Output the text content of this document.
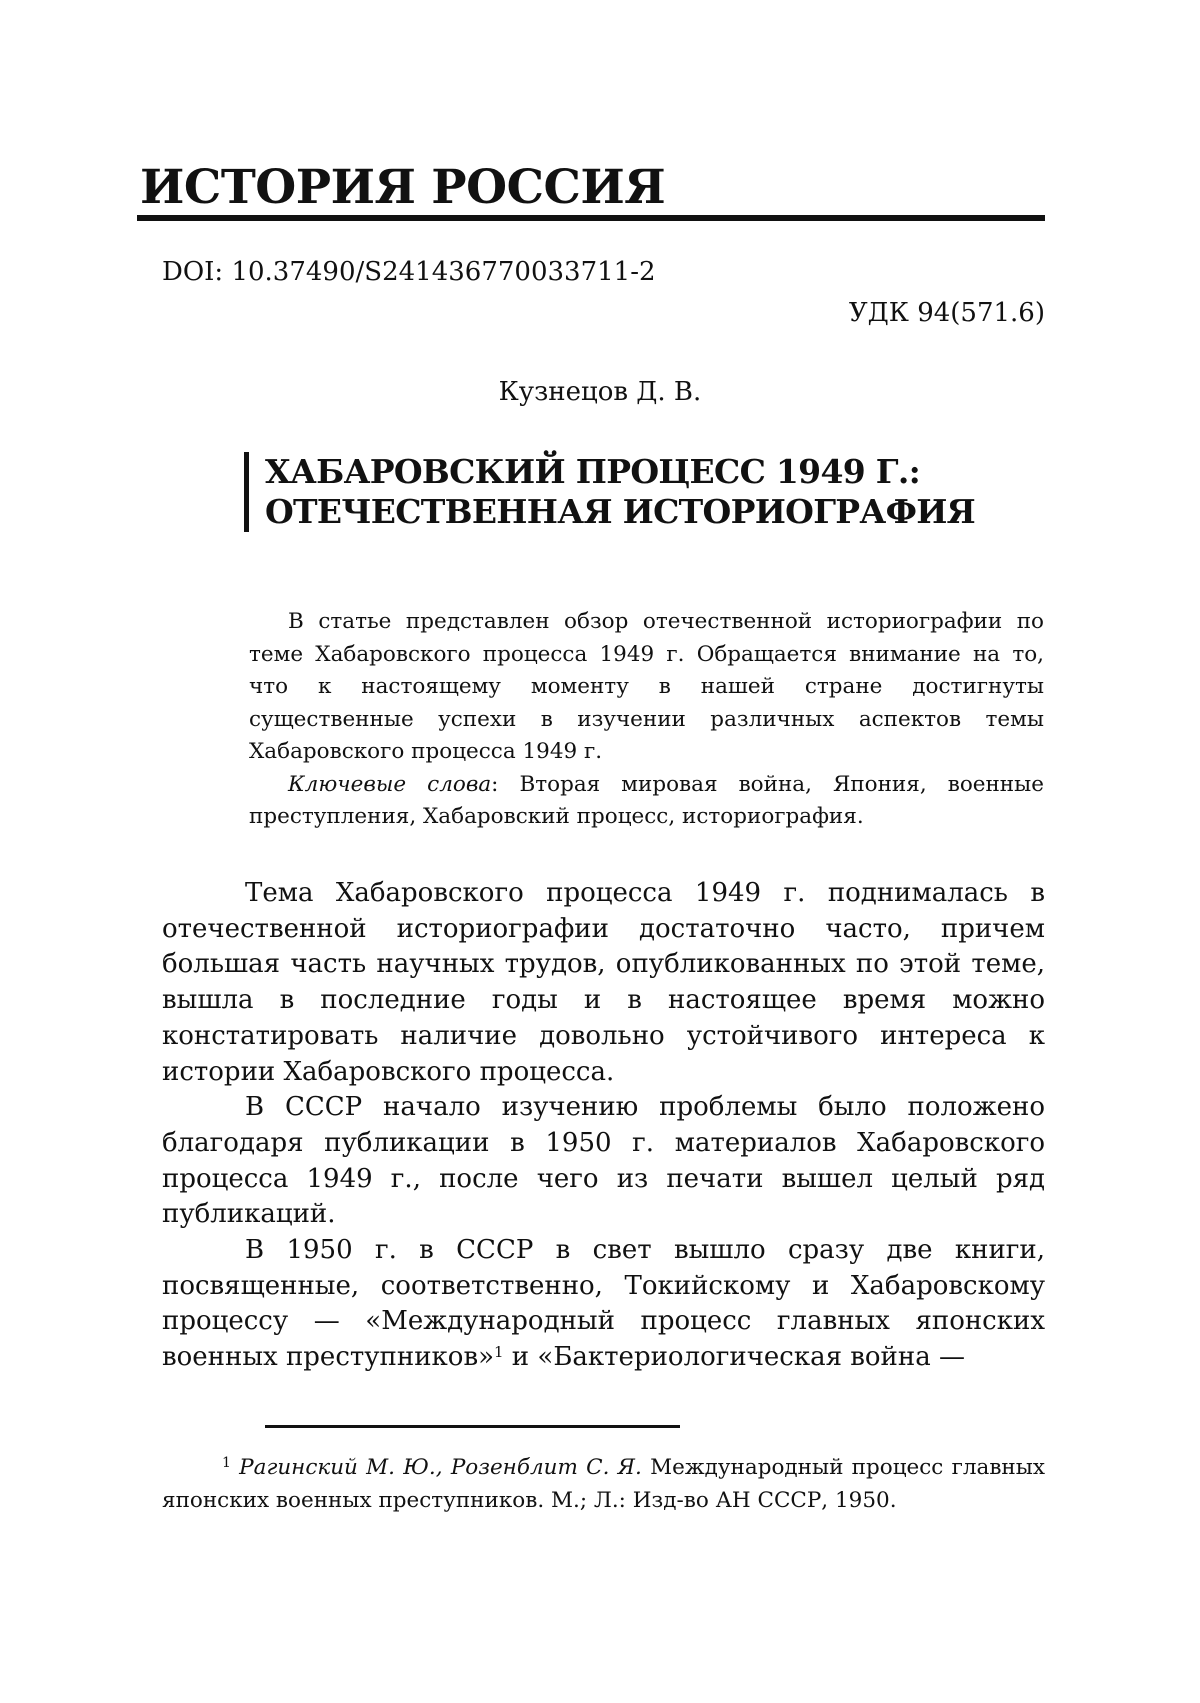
ИСТОРИЯ РОССИЯ
DOI: 10.37490/S241436770033711-2
УДК 94(571.6)
Кузнецов Д. В.
ХАБАРОВСКИЙ ПРОЦЕСС 1949 Г.:
ОТЕЧЕСТВЕННАЯ ИСТОРИОГРАФИЯ

В статье представлен обзор отечественной историографии по теме Хабаровского процесса 1949 г. Обращается внимание на то, что к настоящему моменту в нашей стране достигнуты существенные успехи в изучении различных аспектов темы Хабаровского процесса 1949 г.

Ключевые слова: Вторая мировая война, Япония, военные преступления, Хабаровский процесс, историография.

Тема Хабаровского процесса 1949 г. поднималась в отечественной историографии достаточно часто, причем большая часть научных трудов, опубликованных по этой теме, вышла в последние годы и в настоящее время можно констатировать наличие довольно устойчивого интереса к истории Хабаровского процесса.

В СССР начало изучению проблемы было положено благодаря публикации в 1950 г. материалов Хабаровского процесса 1949 г., после чего из печати вышел целый ряд публикаций.

В 1950 г. в СССР в свет вышло сразу две книги, посвященные, соответственно, Токийскому и Хабаровскому процессу — «Международный процесс главных японских военных преступников»1 и «Бактериологическая война —

1 Рагинский М. Ю., Розенблит С. Я. Международный процесс главных японских военных преступников. М.; Л.: Изд-во АН СССР, 1950.
